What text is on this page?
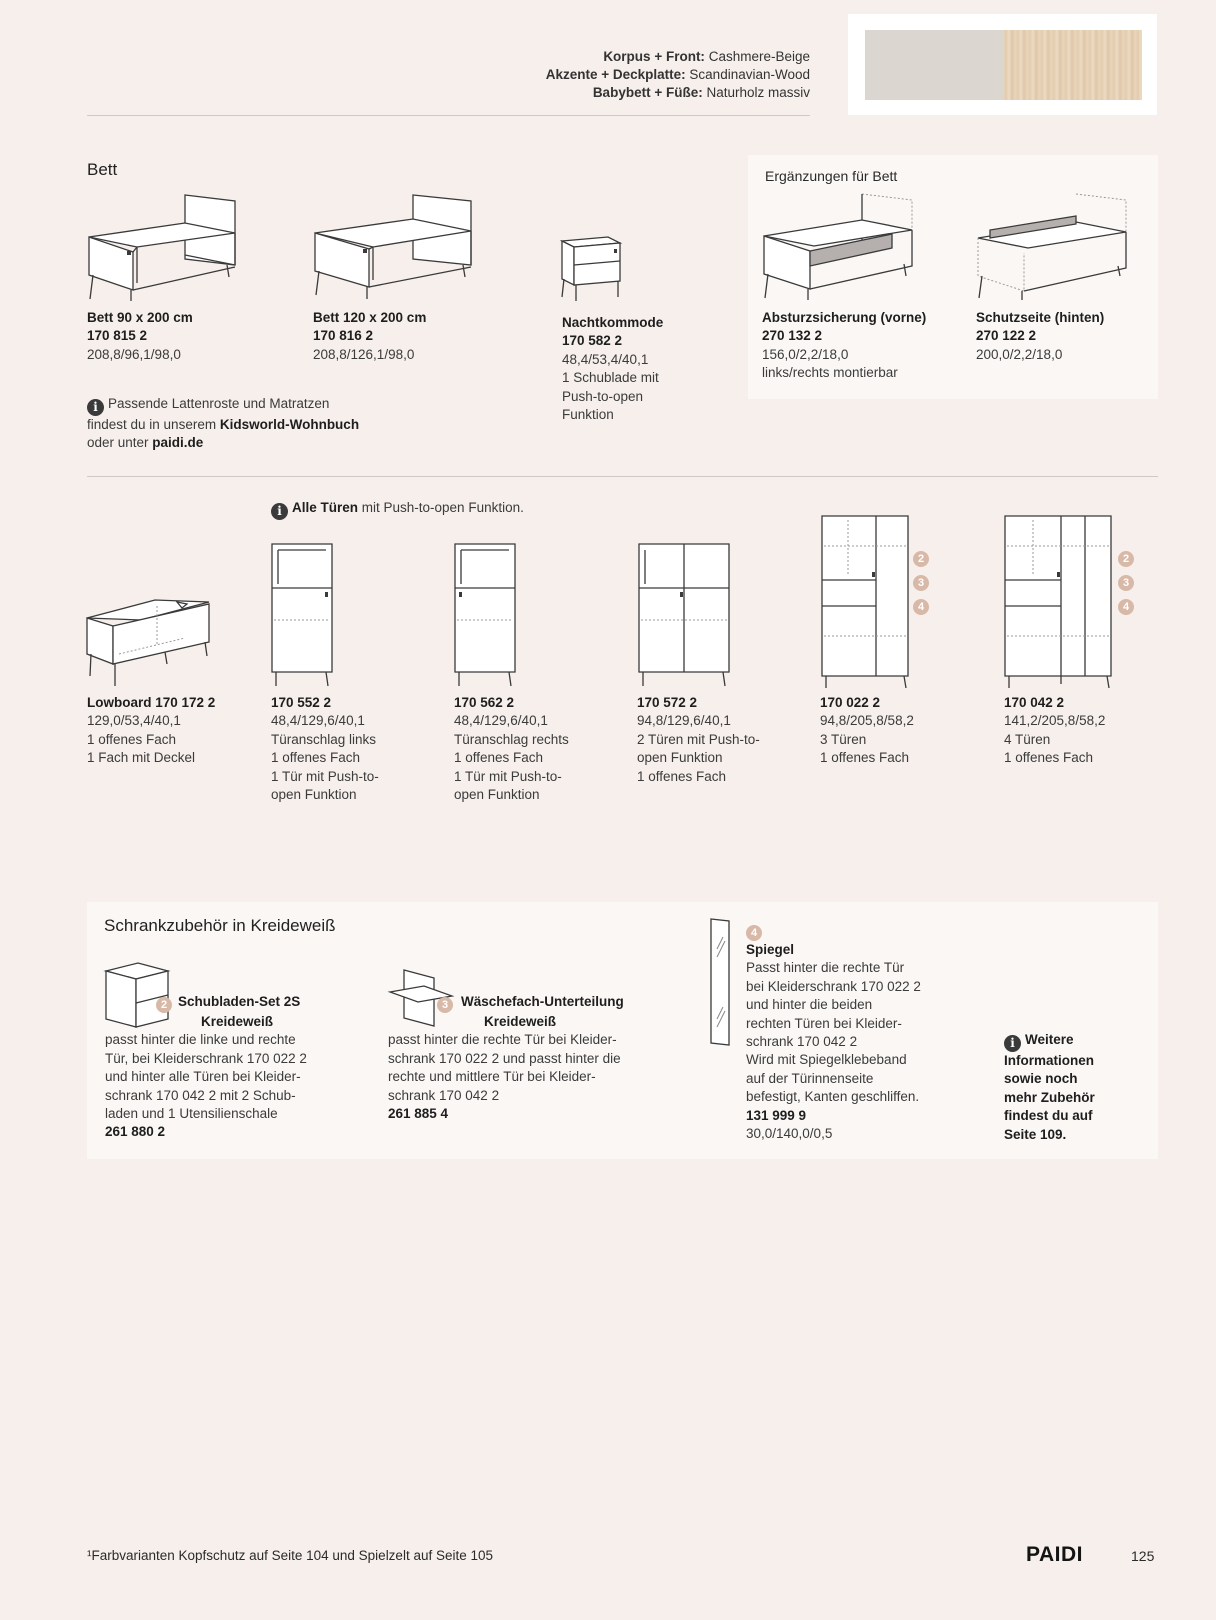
Korpus + Front: Cashmere-Beige
Akzente + Deckplatte: Scandinavian-Wood
Babybett + Füße: Naturholz massiv
Bett

Bett 90 x 200 cm

170 815 2

208,8/96,1/98,0

Bett 120 x 200 cm

170 816 2

208,8/126,1/98,0

Nachtkommode

170 582 2

48,4/53,4/40,1

1 Schublade mit

Push-to-open

Funktion

i Passende Lattenroste und Matratzen

findest du in unserem Kidsworld-Wohnbuch

oder unter paidi.de

Ergänzungen für Bett

Absturzsicherung (vorne)

270 132 2

156,0/2,2/18,0

links/rechts montierbar

Schutzseite (hinten)

270 122 2

200,0/2,2/18,0

i Alle Türen mit Push-to-open Funktion.
2
3
4
2
3
4

Lowboard 170 172 2

129,0/53,4/40,1

1 offenes Fach

1 Fach mit Deckel

170 552 2

48,4/129,6/40,1

Türanschlag links

1 offenes Fach

1 Tür mit Push-to-

open Funktion

170 562 2

48,4/129,6/40,1

Türanschlag rechts

1 offenes Fach

1 Tür mit Push-to-

open Funktion

170 572 2

94,8/129,6/40,1

2 Türen mit Push-to-

open Funktion

1 offenes Fach

170 022 2

94,8/205,8/58,2

3 Türen

1 offenes Fach

170 042 2

141,2/205,8/58,2

4 Türen

1 offenes Fach

Schrankzubehör in Kreideweiß

2 Schubladen-Set 2S

Kreideweiß

passt hinter die linke und rechte

Tür, bei Kleiderschrank 170 022 2

und hinter alle Türen bei Kleider-

schrank 170 042 2 mit 2 Schub-

laden und 1 Utensilienschale

261 880 2

3 Wäschefach-Unterteilung

Kreideweiß

passt hinter die rechte Tür bei Kleider-

schrank 170 022 2 und passt hinter die

rechte und mittlere Tür bei Kleider-

schrank 170 042 2

261 885 4

4

Spiegel

Passt hinter die rechte Tür

bei Kleiderschrank 170 022 2

und hinter die beiden

rechten Türen bei Kleider-

schrank 170 042 2

Wird mit Spiegelklebeband

auf der Türinnenseite

befestigt, Kanten geschliffen.

131 999 9

30,0/140,0/0,5

i Weitere

Informationen

sowie noch

mehr Zubehör

findest du auf

Seite 109.

¹Farbvarianten Kopfschutz auf Seite 104 und Spielzelt auf Seite 105	PAIDI	125
